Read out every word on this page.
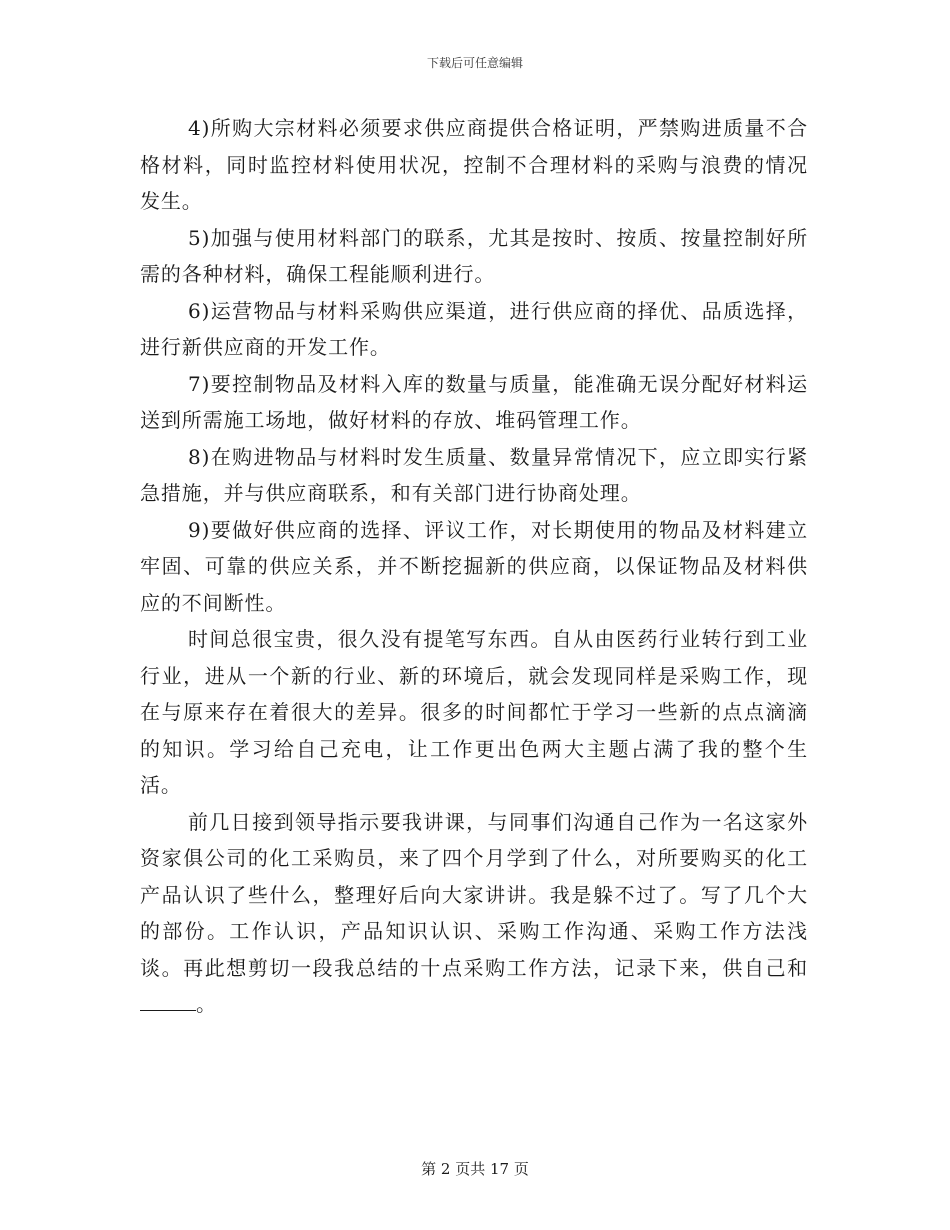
下载后可任意编辑

4)所购大宗材料必须要求供应商提供合格证明，严禁购进质量不合格材料，同时监控材料使用状况，控制不合理材料的采购与浪费的情况发生。

5)加强与使用材料部门的联系，尤其是按时、按质、按量控制好所需的各种材料，确保工程能顺利进行。

6)运营物品与材料采购供应渠道，进行供应商的择优、品质选择，进行新供应商的开发工作。

7)要控制物品及材料入库的数量与质量，能准确无误分配好材料运送到所需施工场地，做好材料的存放、堆码管理工作。

8)在购进物品与材料时发生质量、数量异常情况下，应立即实行紧急措施，并与供应商联系，和有关部门进行协商处理。

9)要做好供应商的选择、评议工作，对长期使用的物品及材料建立牢固、可靠的供应关系，并不断挖掘新的供应商，以保证物品及材料供应的不间断性。

时间总很宝贵，很久没有提笔写东西。自从由医药行业转行到工业行业，进从一个新的行业、新的环境后，就会发现同样是采购工作，现在与原来存在着很大的差异。很多的时间都忙于学习一些新的点点滴滴的知识。学习给自己充电，让工作更出色两大主题占满了我的整个生活。

前几日接到领导指示要我讲课，与同事们沟通自己作为一名这家外资家俱公司的化工采购员，来了四个月学到了什么，对所要购买的化工产品认识了些什么，整理好后向大家讲讲。我是躲不过了。写了几个大的部份。工作认识，产品知识认识、采购工作沟通、采购工作方法浅谈。再此想剪切一段我总结的十点采购工作方法，记录下来，供自己和。

第 2 页共 17 页
